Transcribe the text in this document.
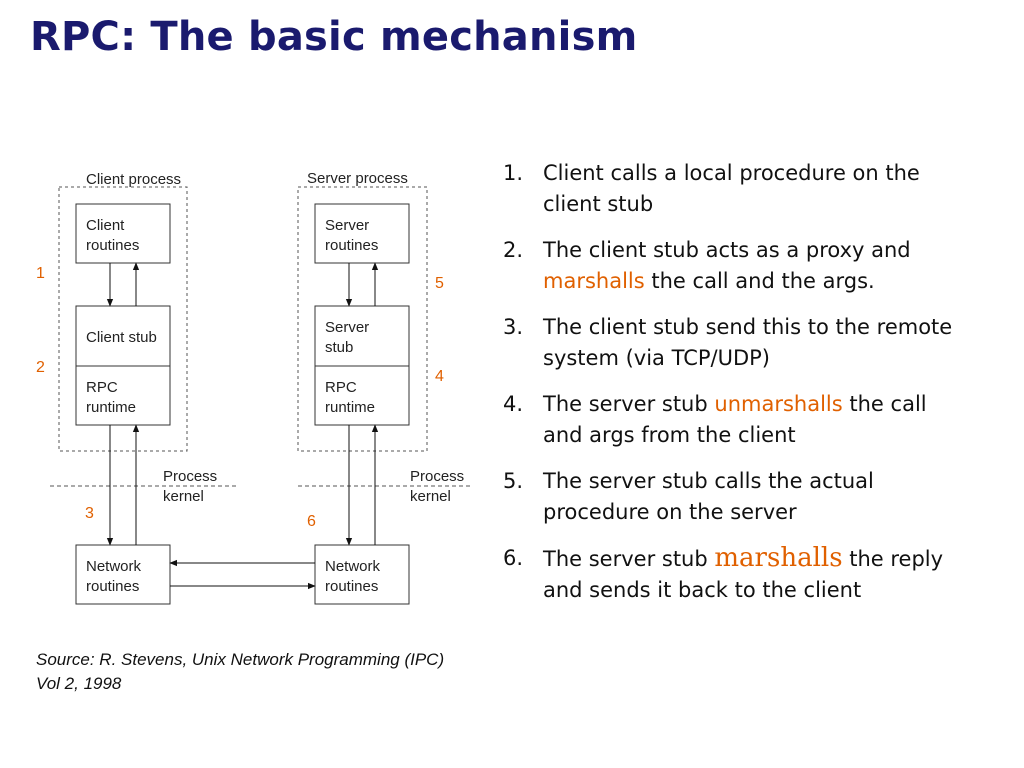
RPC: The basic mechanism
Client process	Server process
Client
routines
Client stub
RPC
runtime
Server
routines
Server
stub
RPC
runtime
Network
routines
Network
routines
Process
kernel
Process
kernel
1
2
3
4
5
6
1. Client calls a local procedure on the client stub
2. The client stub acts as a proxy and marshalls the call and the args.
3. The client stub send this to the remote system (via TCP/UDP)
4. The server stub unmarshalls the call and args from the client
5. The server stub calls the actual procedure on the server
6. The server stub marshalls the reply and sends it back to the client
Source: R. Stevens, Unix Network Programming (IPC)
Vol 2, 1998
